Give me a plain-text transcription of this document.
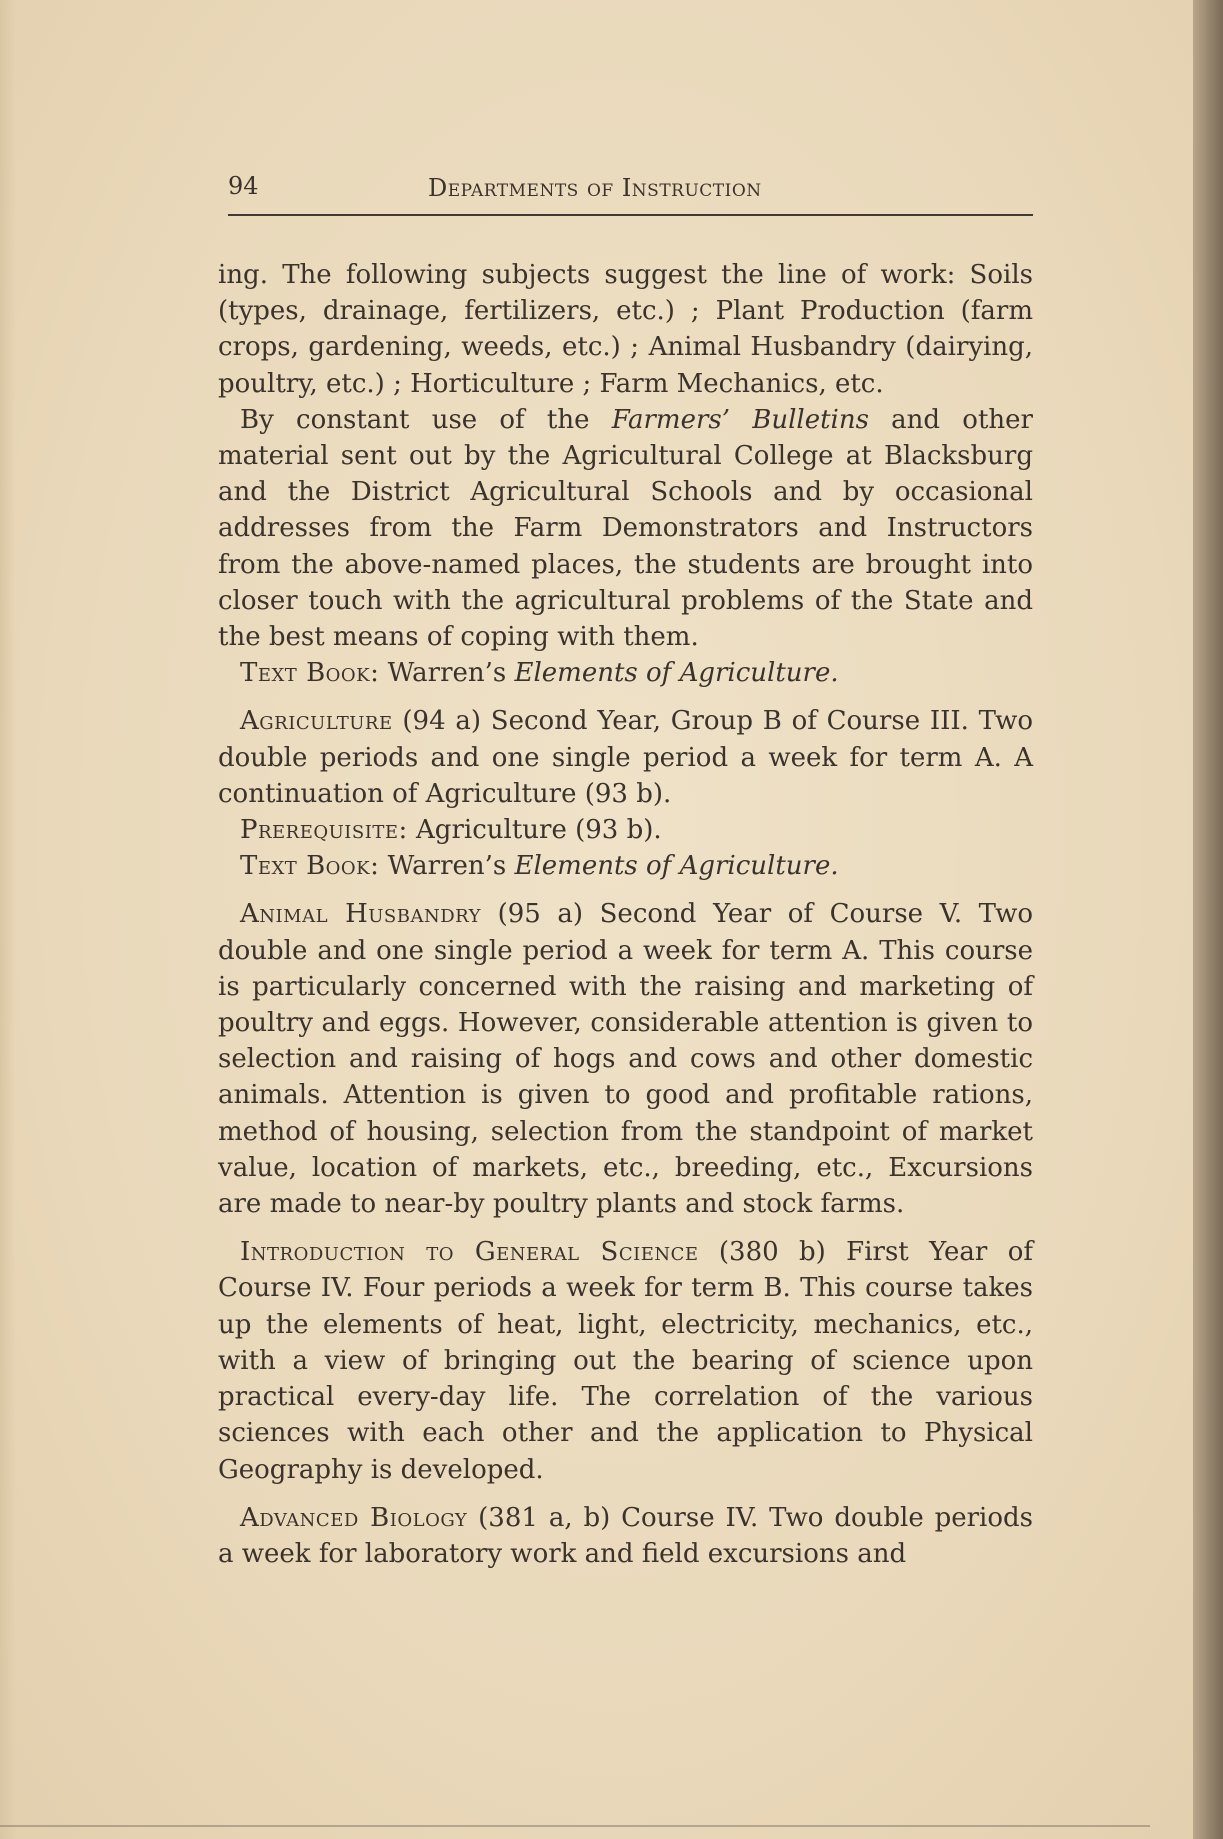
94	Departments of Instruction

ing. The following subjects suggest the line of work: Soils (types, drainage, fertilizers, etc.) ; Plant Production (farm crops, gardening, weeds, etc.) ; Animal Husbandry (dairying, poultry, etc.) ; Horticulture ; Farm Mechanics, etc.

By constant use of the Farmers’ Bulletins and other material sent out by the Agricultural College at Blacksburg and the District Agricultural Schools and by occasional addresses from the Farm Demonstrators and Instructors from the above-named places, the students are brought into closer touch with the agricultural problems of the State and the best means of coping with them.

Text Book: Warren’s Elements of Agriculture.

Agriculture (94 a) Second Year, Group B of Course III. Two double periods and one single period a week for term A. A continuation of Agriculture (93 b).

Prerequisite: Agriculture (93 b).

Text Book: Warren’s Elements of Agriculture.

Animal Husbandry (95 a) Second Year of Course V. Two double and one single period a week for term A. This course is particularly concerned with the raising and marketing of poultry and eggs. However, considerable attention is given to selection and raising of hogs and cows and other domestic animals. Attention is given to good and profitable rations, method of housing, selection from the standpoint of market value, location of markets, etc., breeding, etc., Excursions are made to near-by poultry plants and stock farms.

Introduction to General Science (380 b) First Year of Course IV. Four periods a week for term B. This course takes up the elements of heat, light, electricity, mechanics, etc., with a view of bringing out the bearing of science upon practical every-day life. The correlation of the various sciences with each other and the application to Physical Geography is developed.

Advanced Biology (381 a, b) Course IV. Two double periods a week for laboratory work and field excursions and
